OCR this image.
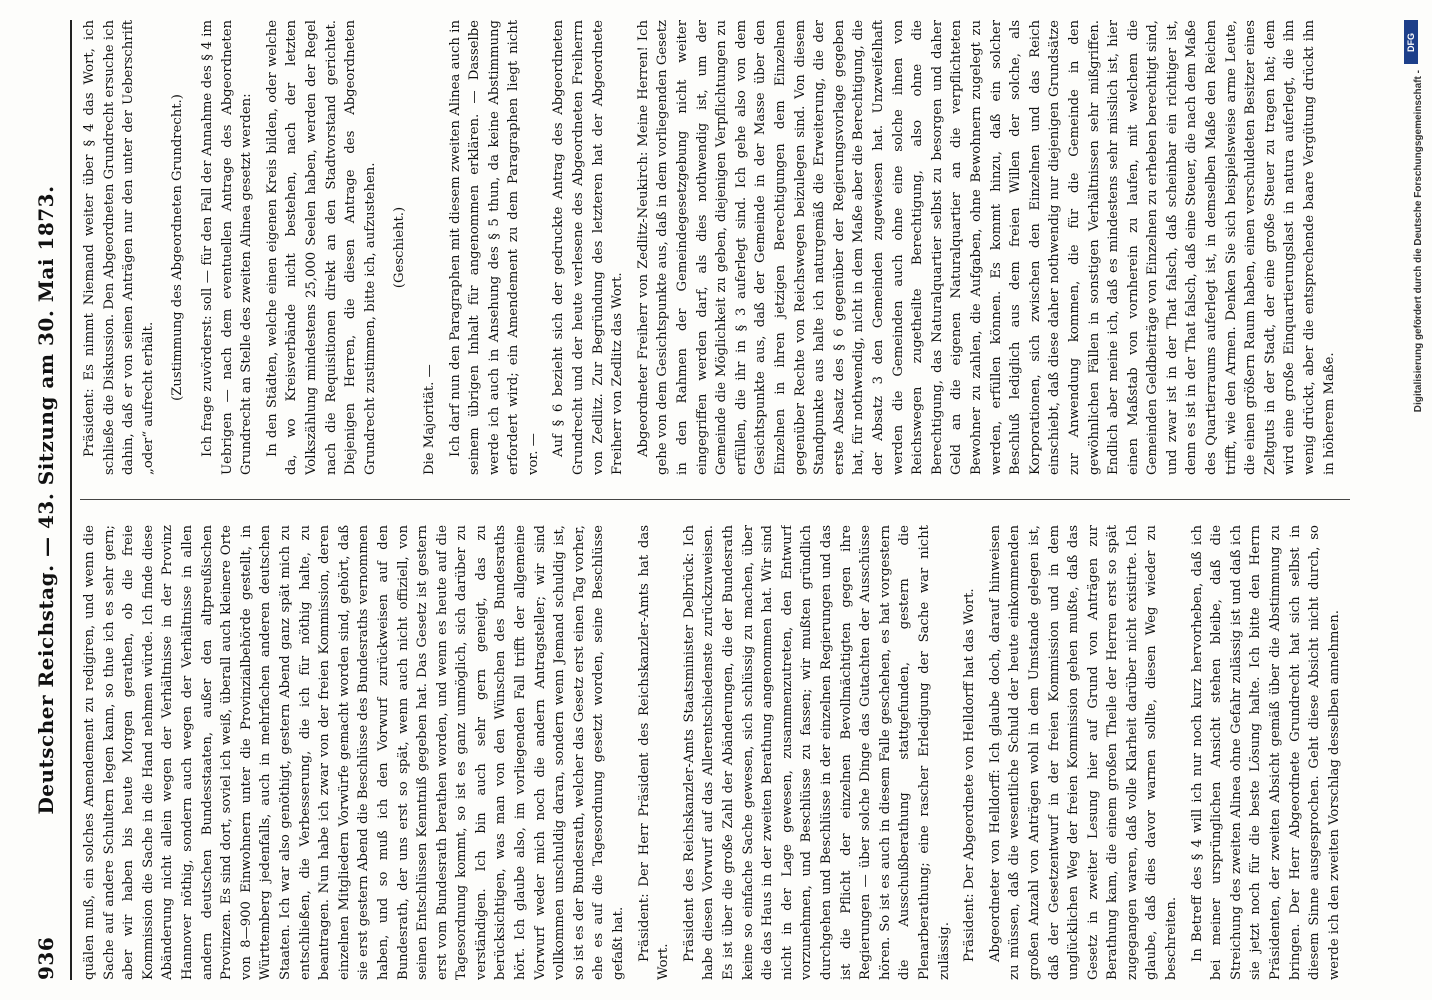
936
Deutscher Reichstag. — 43. Sitzung am 30. Mai 1873. quälen muß, ein solches Amendement zu redigiren, und wenn die Sache auf andere Schultern legen kann, so thue ich es sehr gern; aber wir haben bis heute Morgen gerathen, ob die freie Kommission die Sache in die Hand nehmen würde. Ich finde diese Abänderung nicht allein wegen der Verhältnisse in der Provinz Hannover nöthig, sondern auch wegen der Verhältnisse in allen andern deutschen Bundesstaaten, außer den altpreußischen Provinzen. Es sind dort, soviel ich weiß, überall auch kleinere Orte von 8—900 Einwohnern unter die Provinzialbehörde gestellt, in Württemberg jedenfalls, auch in mehrfachen anderen deutschen Staaten. Ich war also genöthigt, gestern Abend ganz spät mich zu entschließen, die Verbesserung, die ich für nöthig halte, zu beantragen. Nun habe ich zwar von der freien Kommission, deren einzelnen Mitgliedern Vorwürfe gemacht worden sind, gehört, daß sie erst gestern Abend die Beschlüsse des Bundesraths vernommen haben, und so muß ich den Vorwurf zurückweisen auf den Bundesrath, der uns erst so spät, wenn auch nicht offiziell, von seinen Entschlüssen Kenntniß gegeben hat. Das Gesetz ist gestern erst vom Bundesrath berathen worden, und wenn es heute auf die Tagesordnung kommt, so ist es ganz unmöglich, sich darüber zu verständigen. Ich bin auch sehr gern geneigt, das zu berücksichtigen, was man von den Wünschen des Bundesraths hört. Ich glaube also, im vorliegenden Fall trifft der allgemeine Vorwurf weder mich noch die andern Antragsteller; wir sind vollkommen unschuldig daran, sondern wenn Jemand schuldig ist, so ist es der Bundesrath, welcher das Gesetz erst einen Tag vorher, ehe es auf die Tagesordnung gesetzt worden, seine Beschlüsse gefaßt hat. Präsident: Der Herr Präsident des Reichskanzler-Amts hat das Wort. Präsident des Reichskanzler-Amts Staatsminister Delbrück: Ich habe diesen Vorwurf auf das Allerentschiedenste zurückzuweisen. Es ist über die große Zahl der Abänderungen, die der Bundesrath keine so einfache Sache gewesen, sich schlüssig zu machen, über die das Haus in der zweiten Berathung angenommen hat. Wir sind nicht in der Lage gewesen, zusammenzutreten, den Entwurf vorzunehmen, und Beschlüsse zu fassen; wir mußten gründlich durchgehen und Beschlüsse in der einzelnen Regierungen und das ist die Pflicht der einzelnen Bevollmächtigten gegen ihre Regierungen — über solche Dinge das Gutachten der Ausschüsse hören. So ist es auch in diesem Falle geschehen, es hat vorgestern die Ausschußberathung stattgefunden, gestern die Plenarberathung; eine rascher Erledigung der Sache war nicht zulässig. Präsident: Der Abgeordnete von Helldorff hat das Wort. Abgeordneter von Helldorff: Ich glaube doch, darauf hinweisen zu müssen, daß die wesentliche Schuld der heute einkommenden großen Anzahl von Anträgen wohl in dem Umstande gelegen ist, daß der Gesetzentwurf in der freien Kommission und in dem unglücklichen Weg der freien Kommission gehen mußte, daß das Gesetz in zweiter Lesung hier auf Grund von Anträgen zur Berathung kam, die einem großen Theile der Herren erst so spät zugegangen waren, daß volle Klarheit darüber nicht existirte. Ich glaube, daß dies davor warnen sollte, diesen Weg wieder zu beschreiten. In Betreff des § 4 will ich nur noch kurz hervorheben, daß ich bei meiner ursprünglichen Ansicht stehen bleibe, daß die Streichung des zweiten Alinea ohne Gefahr zulässig ist und daß ich sie jetzt noch für die beste Lösung halte. Ich bitte den Herrn Präsidenten, der zweiten Absicht gemäß über die Abstimmung zu bringen. Der Herr Abgeordnete Grundrecht hat sich selbst in diesem Sinne ausgesprochen. Geht diese Absicht nicht durch, so werde ich den zweiten Vorschlag desselben annehmen.

Präsident: Es nimmt Niemand weiter über § 4 das Wort, ich schließe die Diskussion. Den Abgeordneten Grundrecht ersuche ich dahin, daß er von seinen Anträgen nur den unter der Ueberschrift „oder“ aufrecht erhält. (Zustimmung des Abgeordneten Grundrecht.) Ich frage zuvörderst: soll — für den Fall der Annahme des § 4 im Uebrigen — nach dem eventuellen Antrage des Abgeordneten Grundrecht an Stelle des zweiten Alinea gesetzt werden: In den Städten, welche einen eigenen Kreis bilden, oder welche da, wo Kreisverbände nicht bestehen, nach der letzten Volkszählung mindestens 25,000 Seelen haben, werden der Regel nach die Requisitionen direkt an den Stadtvorstand gerichtet. Diejenigen Herren, die diesen Antrage des Abgeordneten Grundrecht zustimmen, bitte ich, aufzustehen. (Geschieht.)

Die Majorität. — Ich darf nun den Paragraphen mit diesem zweiten Alinea auch in seinem übrigen Inhalt für angenommen erklären. — Dasselbe werde ich auch in Ansehung des § 5 thun, da keine Abstimmung erfordert wird; ein Amendement zu dem Paragraphen liegt nicht vor. — Auf § 6 bezieht sich der gedruckte Antrag des Abgeordneten Grundrecht und der heute verlesene des Abgeordneten Freiherrn von Zedlitz. Zur Begründung des letzteren hat der Abgeordnete Freiherr von Zedlitz das Wort. Abgeordneter Freiherr von Zedlitz-Neukirch: Meine Herren! Ich gehe von dem Gesichtspunkte aus, daß in dem vorliegenden Gesetz in den Rahmen der Gemeindegesetzgebung nicht weiter eingegriffen werden darf, als dies nothwendig ist, um der Gemeinde die Möglichkeit zu geben, diejenigen Verpflichtungen zu erfüllen, die ihr in § 3 auferlegt sind. Ich gehe also von dem Gesichtspunkte aus, daß der Gemeinde in der Masse über den Einzelnen in ihren jetzigen Berechtigungen dem Einzelnen gegenüber Rechte von Reichswegen beizulegen sind. Von diesem Standpunkte aus halte ich naturgemäß die Erweiterung, die der erste Absatz des § 6 gegenüber der Regierungsvorlage gegeben hat, für nothwendig, nicht in dem Maße aber die Berechtigung, die der Absatz 3 den Gemeinden zugewiesen hat. Unzweifelhaft werden die Gemeinden auch ohne eine solche ihnen von Reichswegen zugetheilte Berechtigung, also ohne die Berechtigung, das Naturalquartier selbst zu besorgen und daher Geld an die eigenen Naturalquartier an die verpflichteten Bewohner zu zahlen, die Aufgaben, ohne Bewohnern zugelegt zu werden, erfüllen können. Es kommt hinzu, daß ein solcher Beschluß lediglich aus dem freien Willen der solche, als Korporationen, sich zwischen den Einzelnen und das Reich einschiebt, daß diese daher nothwendig nur diejenigen Grundsätze zur Anwendung kommen, die für die Gemeinde in den gewöhnlichen Fällen in sonstigen Verhältnissen sehr mißgriffen. Endlich aber meine ich, daß es mindestens sehr misslich ist, hier einen Maßstab von vornherein zu laufen, mit welchem die Gemeinden Geldbeiträge von Einzelnen zu erheben berechtigt sind, und zwar ist in der That falsch, daß scheinbar ein richtiger ist, denn es ist in der That falsch, daß eine Steuer, die nach dem Maße des Quartierraums auferlegt ist, in demselben Maße den Reichen trifft, wie den Armen. Denken Sie sich beispielsweise arme Leute, die einen größern Raum haben, einen verschuldeten Besitzer eines Zeltguts in der Stadt, der eine große Steuer zu tragen hat; dem wird eine große Einquartierungslast in natura auferlegt, die ihn wenig drückt, aber die entsprechende baare Vergütung drückt ihn in höherem Maße.

DFG
Digitalisierung gefördert durch die Deutsche Forschungsgemeinschaft -
